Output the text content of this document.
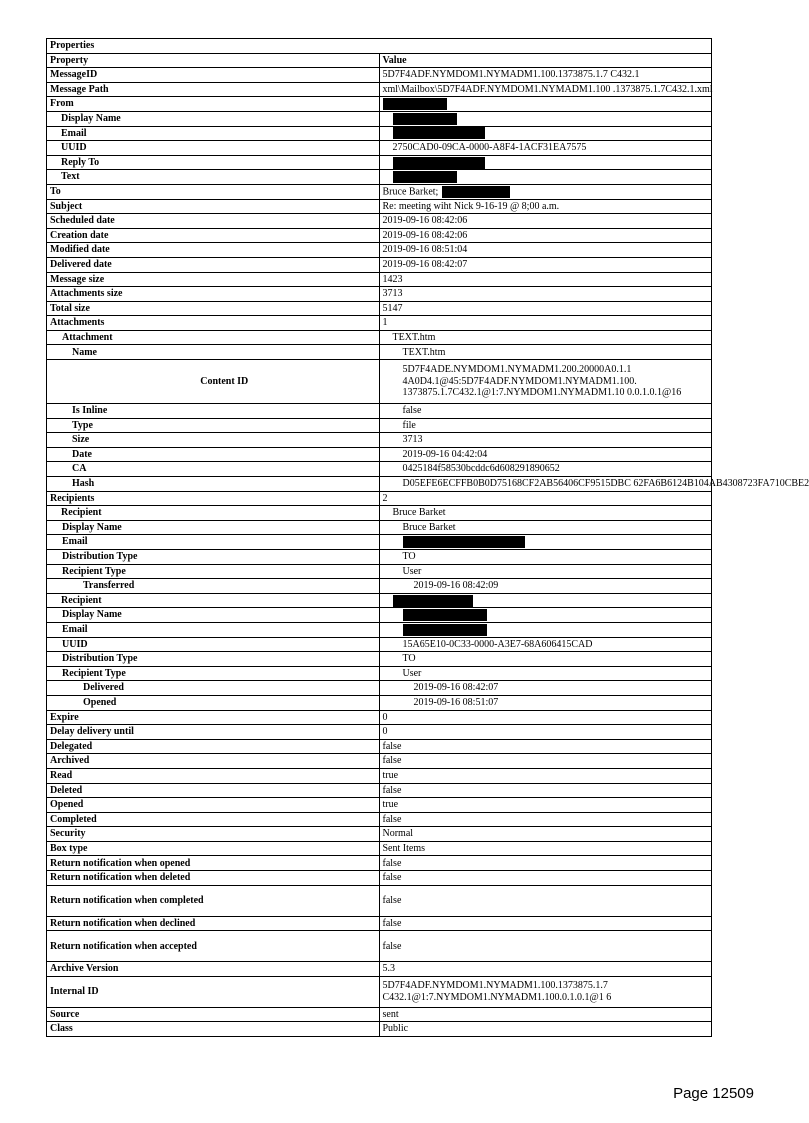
Properties	
Property	Value
MessageID	5D7F4ADF.NYMDOM1.NYMADM1.100.1373875.1.7 C432.1
Message Path	xml\Mailbox\5D7F4ADF.NYMDOM1.NYMADM1.100 .1373875.1.7C432.1.xml
From	
Display Name	
Email	
UUID	2750CAD0-09CA-0000-A8F4-1ACF31EA7575
Reply To	
Text	
To	Bruce Barket;
Subject	Re: meeting wiht Nick 9-16-19 @ 8;00 a.m.
Scheduled date	2019-09-16 08:42:06
Creation date	2019-09-16 08:42:06
Modified date	2019-09-16 08:51:04
Delivered date	2019-09-16 08:42:07
Message size	1423
Attachments size	3713
Total size	5147
Attachments	1
Attachment	TEXT.htm
Name	TEXT.htm
Content ID	5D7F4ADE.NYMDOM1.NYMADM1.200.20000A0.1.1 4A0D4.1@45:5D7F4ADF.NYMDOM1.NYMADM1.100. 1373875.1.7C432.1@1:7.NYMDOM1.NYMADM1.10 0.0.1.0.1@16
Is Inline	false
Type	file
Size	3713
Date	2019-09-16 04:42:04
CA	0425184f58530bcddc6d608291890652
Hash	D05EFE6ECFFB0B0D75168CF2AB56406CF9515DBC 62FA6B6124B104AB4308723FA710CBE2
Recipients	2
Recipient	Bruce Barket
Display Name	Bruce Barket
Email	
Distribution Type	TO
Recipient Type	User
Transferred	2019-09-16 08:42:09
Recipient	
Display Name	
Email	
UUID	15A65E10-0C33-0000-A3E7-68A606415CAD
Distribution Type	TO
Recipient Type	User
Delivered	2019-09-16 08:42:07
Opened	2019-09-16 08:51:07
Expire	0
Delay delivery until	0
Delegated	false
Archived	false
Read	true
Deleted	false
Opened	true
Completed	false
Security	Normal
Box type	Sent Items
Return notification when opened	false
Return notification when deleted	false
Return notification when completed	false
Return notification when declined	false
Return notification when accepted	false
Archive Version	5.3
Internal ID	5D7F4ADF.NYMDOM1.NYMADM1.100.1373875.1.7 C432.1@1:7.NYMDOM1.NYMADM1.100.0.1.0.1@1 6
Source	sent
Class	Public
Page 12509
